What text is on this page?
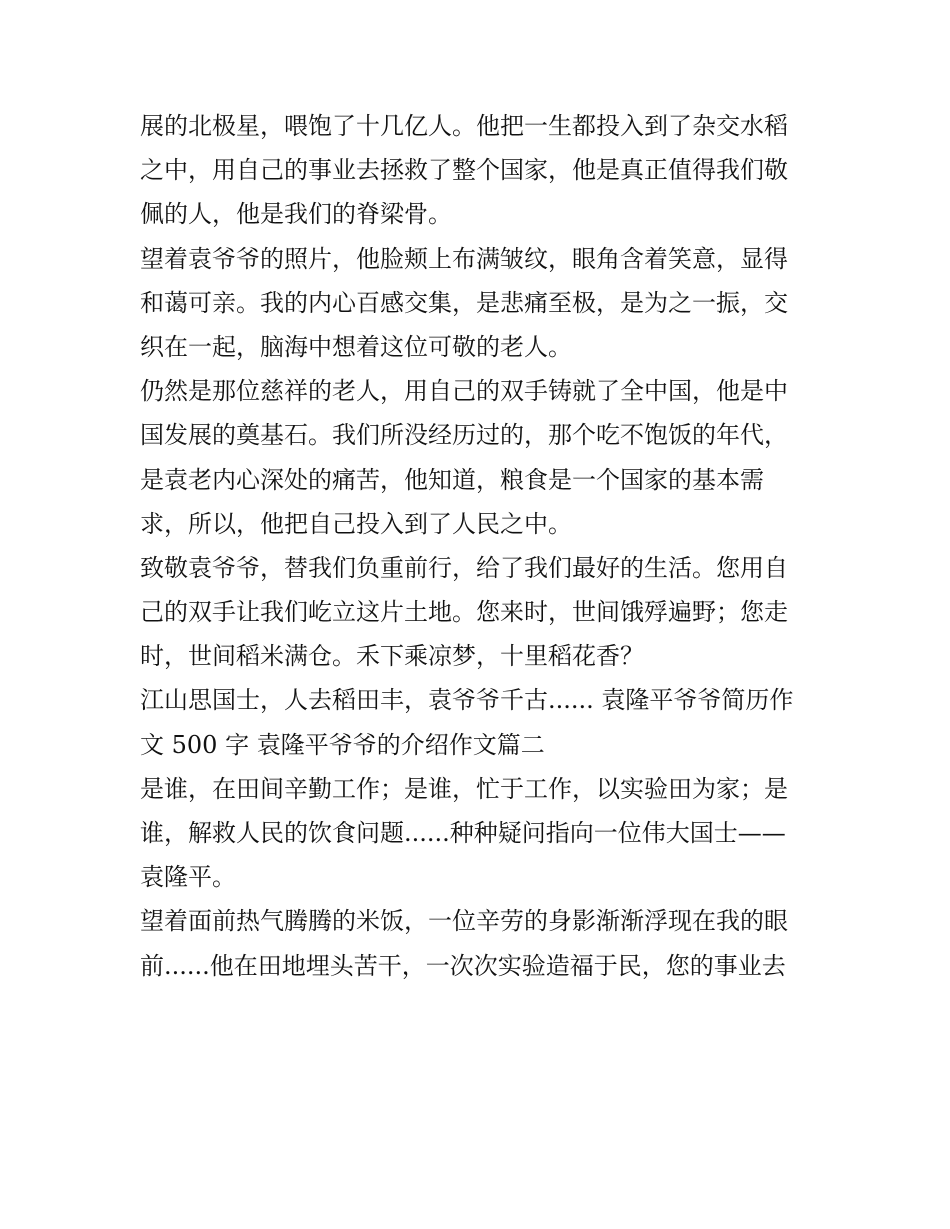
展的北极星，喂饱了十几亿人。他把一生都投入到了杂交水稻
之中，用自己的事业去拯救了整个国家，他是真正值得我们敬
佩的人，他是我们的脊梁骨。
望着袁爷爷的照片，他脸颊上布满皱纹，眼角含着笑意，显得
和蔼可亲。我的内心百感交集，是悲痛至极，是为之一振，交
织在一起，脑海中想着这位可敬的老人。
仍然是那位慈祥的老人，用自己的双手铸就了全中国，他是中
国发展的奠基石。我们所没经历过的，那个吃不饱饭的年代，
是袁老内心深处的痛苦，他知道，粮食是一个国家的基本需
求，所以，他把自己投入到了人民之中。
致敬袁爷爷，替我们负重前行，给了我们最好的生活。您用自
己的双手让我们屹立这片土地。您来时，世间饿殍遍野；您走
时，世间稻米满仓。禾下乘凉梦，十里稻花香？
江山思国士，人去稻田丰，袁爷爷千古...... 袁隆平爷爷简历作
文 500 字 袁隆平爷爷的介绍作文篇二
是谁，在田间辛勤工作；是谁，忙于工作，以实验田为家；是
谁，解救人民的饮食问题......种种疑问指向一位伟大国士——
袁隆平。
望着面前热气腾腾的米饭，一位辛劳的身影渐渐浮现在我的眼
前......他在田地埋头苦干，一次次实验造福于民，您的事业去
